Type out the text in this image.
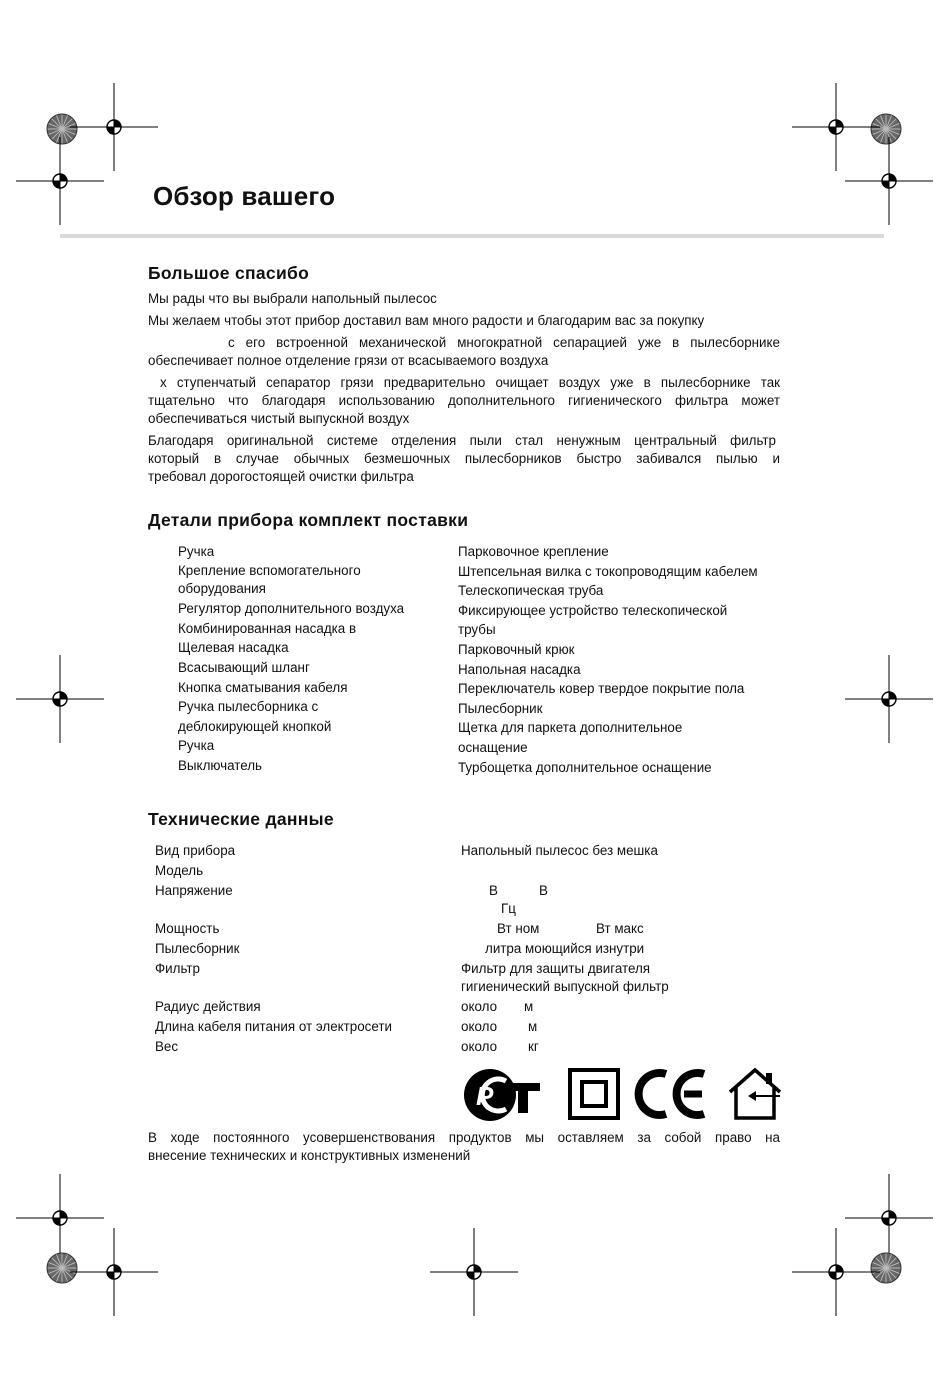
Обзор вашего
Большое спасибо

Мы рады что вы выбрали напольный пылесос

Мы желаем чтобы этот прибор доставил вам много радости и благодарим вас за покупку

с его встроенной механической многократной сепарацией уже в пылесборнике

обеспечивает полное отделение грязи от всасываемого воздуха

х ступенчатый сепаратор грязи предварительно очищает воздух уже в пылесборнике так

тщательно что благодаря использованию дополнительного гигиенического фильтра может

обеспечиваться чистый выпускной воздух

Благодаря оригинальной системе отделения пыли стал ненужным центральный фильтр

который в случае обычных безмешочных пылесборников быстро забивался пылью и

требовал дорогостоящей очистки фильтра

Детали прибора комплект поставки

Ручка

Крепление вспомогательного оборудования

Регулятор дополнительного воздуха

Комбинированная насадка в

Щелевая насадка

Всасывающий шланг

Кнопка сматывания кабеля

Ручка пылесборника с деблокирующей кнопкой

Ручка

Выключатель

Парковочное крепление

Штепсельная вилка с токопроводящим кабелем

Телескопическая труба

Фиксирующее устройство телескопической трубы

Парковочный крюк

Напольная насадка

Переключатель ковер твердое покрытие пола

Пылесборник

Щетка для паркета дополнительное оснащение

Турбощетка дополнительное оснащение

Технические данные

Вид прибора

Модель

Напряжение

Мощность

Пылесборник

Фильтр

Радиус действия

Длина кабеля питания от электросети

Вес

Напольный пылесос без мешка

В	В

Гц

Вт ном	Вт макс

литра моющийся изнутри

Фильтр для защиты двигателя

гигиенический выпускной фильтр

около м

около м

около кг

Р

В ходе постоянного усовершенствования продуктов мы оставляем за собой право на

внесение технических и конструктивных изменений
